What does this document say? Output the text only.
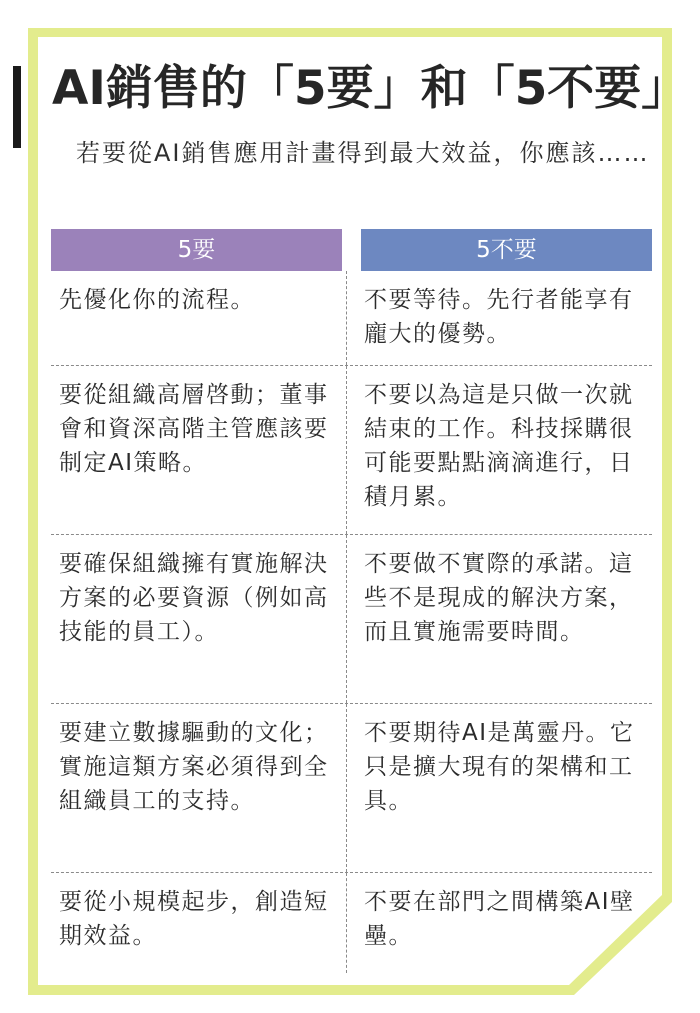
AI銷售的「5要」和「5不要」
若要從AI銷售應用計畫得到最大效益，你應該……
5要	5不要
先優化你的流程。	不要等待。先行者能享有龐大的優勢。
要從組織高層啓動；董事會和資深高階主管應該要制定AI策略。
不要以為這是只做一次就結束的工作。科技採購很可能要點點滴滴進行，日積月累。
要確保組織擁有實施解決方案的必要資源（例如高技能的員工）。
不要做不實際的承諾。這些不是現成的解決方案，而且實施需要時間。
要建立數據驅動的文化；實施這類方案必須得到全組織員工的支持。
不要期待AI是萬靈丹。它只是擴大現有的架構和工具。
要從小規模起步，創造短期效益。
不要在部門之間構築AI壁壘。
